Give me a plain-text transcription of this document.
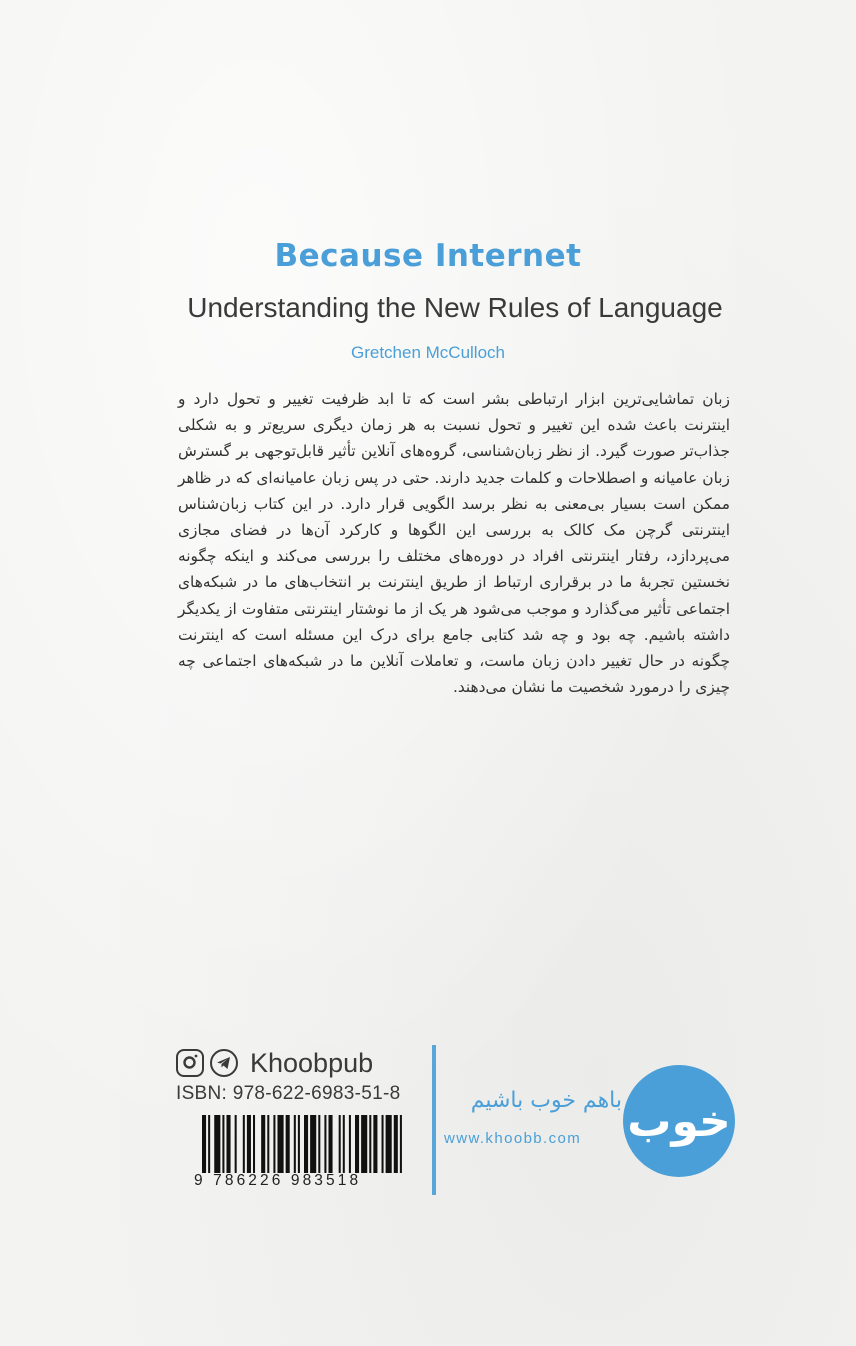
Because Internet
Understanding the New Rules of Language
Gretchen McCulloch
زبان تماشایی‌ترین ابزار ارتباطی بشر است که تا ابد ظرفیت تغییر و تحول دارد و اینترنت باعث شده این تغییر و تحول نسبت به هر زمان دیگری سریع‌تر و به شکلی جذاب‌تر صورت گیرد. از نظر زبان‌شناسی، گروه‌های آنلاین تأثیر قابل‌توجهی بر گسترش زبان عامیانه و اصطلاحات و کلمات جدید دارند. حتی در پس زبان عامیانه‌ای که در ظاهر ممکن است بسیار بی‌معنی به نظر برسد الگویی قرار دارد. در این کتاب زبان‌شناس اینترنتی گرچن مک کالک به بررسی این الگوها و کارکرد آن‌ها در فضای مجازی می‌پردازد، رفتار اینترنتی افراد در دوره‌های مختلف را بررسی می‌کند و اینکه چگونه نخستین تجربهٔ ما در برقراری ارتباط از طریق اینترنت بر انتخاب‌های ما در شبکه‌های اجتماعی تأثیر می‌گذارد و موجب می‌شود هر یک از ما نوشتار اینترنتی متفاوت از یکدیگر داشته باشیم. چه بود و چه شد کتابی جامع برای درک این مسئله است که اینترنت چگونه در حال تغییر دادن زبان ماست، و تعاملات آنلاین ما در شبکه‌های اجتماعی چه چیزی را درمورد شخصیت ما نشان می‌دهند.
Khoobpub
ISBN: 978-622-6983-51-8
9 786226 983518
باهم خوب باشیم
www.khoobb.com خوب
